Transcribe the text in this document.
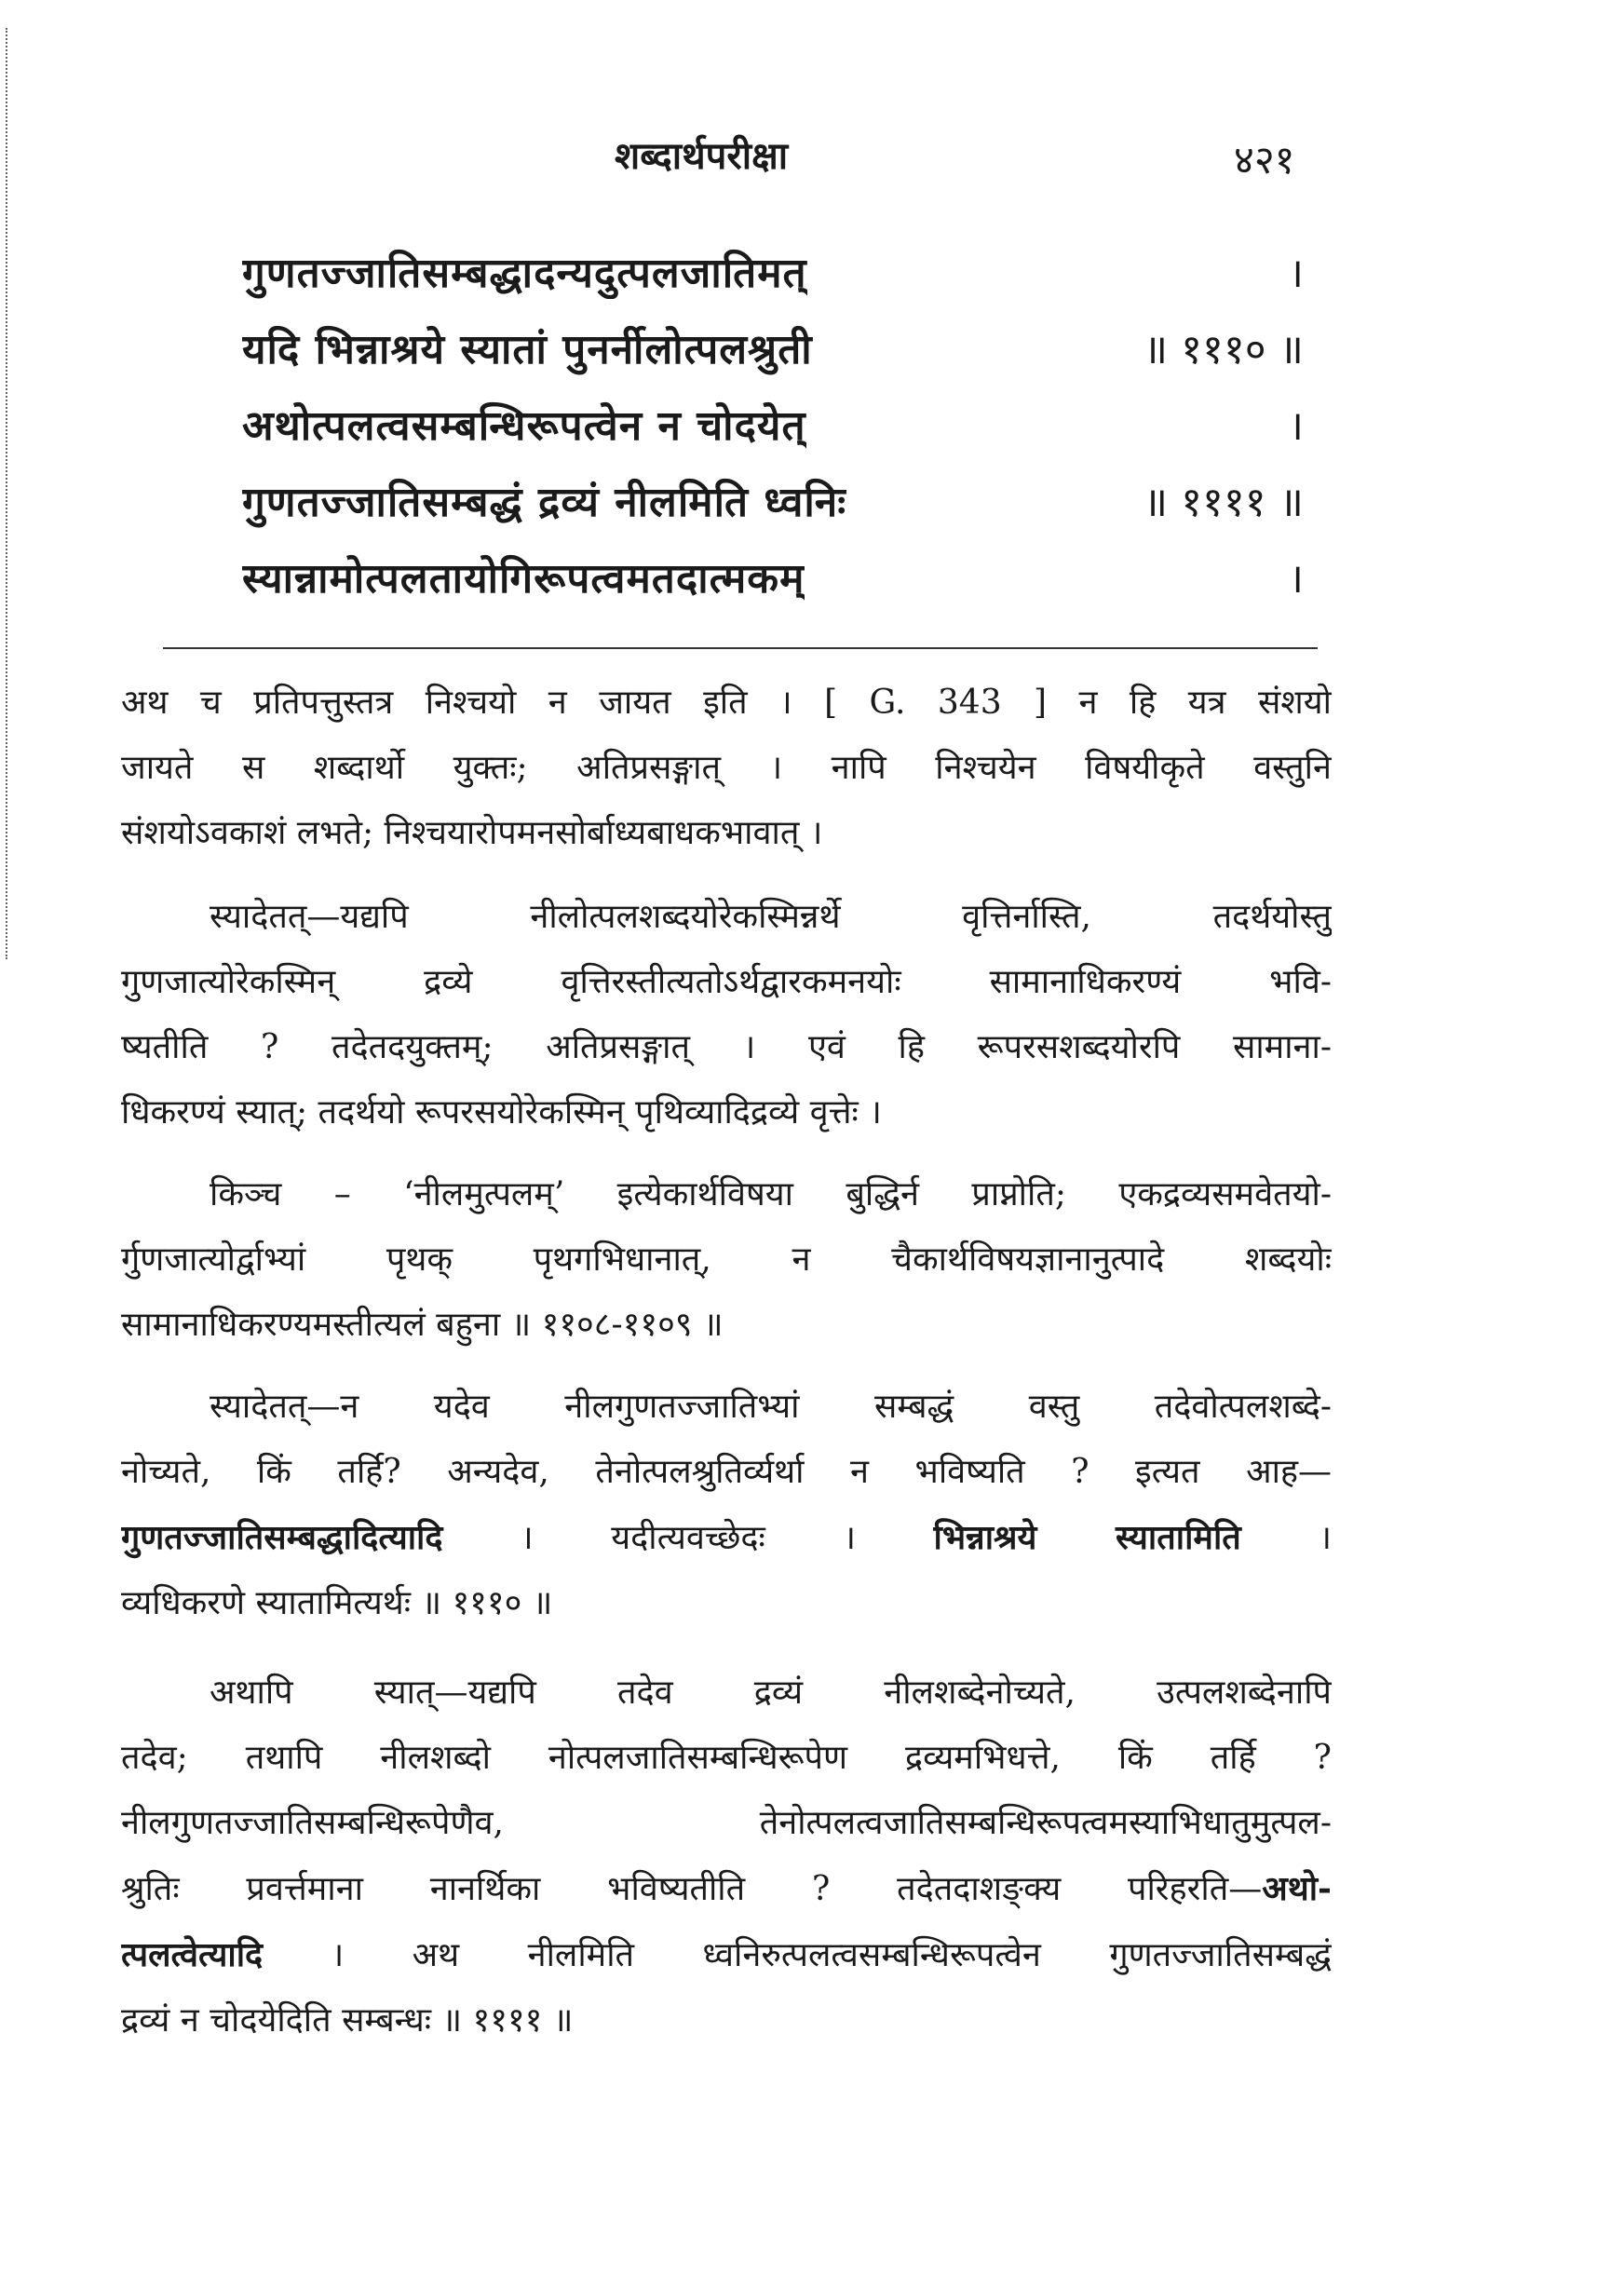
शब्दार्थपरीक्षा	४२१
गुणतज्जातिसम्बद्धादन्यदुत्पलजातिमत्	।
यदि भिन्नाश्रये स्यातां पुनर्नीलोत्पलश्रुती	॥ १११० ॥
अथोत्पलत्वसम्बन्धिरूपत्वेन न चोदयेत्	।
गुणतज्जातिसम्बद्धं द्रव्यं नीलमिति ध्वनिः	॥ ११११ ॥
स्यान्नामोत्पलतायोगिरूपत्वमतदात्मकम्	।
अथ च प्रतिपत्तुस्तत्र निश्चयो न जायत इति । [ G. 343 ] न हि यत्र संशयो
जायते स शब्दार्थो युक्तः; अतिप्रसङ्गात् । नापि निश्चयेन विषयीकृते वस्तुनि
संशयोऽवकाशं लभते; निश्चयारोपमनसोर्बाध्यबाधकभावात् ।
स्यादेतत्—यद्यपि नीलोत्पलशब्दयोरेकस्मिन्नर्थे वृत्तिर्नास्ति, तदर्थयोस्तु
गुणजात्योरेकस्मिन् द्रव्ये वृत्तिरस्तीत्यतोऽर्थद्वारकमनयोः सामानाधिकरण्यं भवि-
ष्यतीति ? तदेतदयुक्तम्; अतिप्रसङ्गात् । एवं हि रूपरसशब्दयोरपि सामाना-
धिकरण्यं स्यात्; तदर्थयो रूपरसयोरेकस्मिन् पृथिव्यादिद्रव्ये वृत्तेः ।
किञ्च – ‘नीलमुत्पलम्’ इत्येकार्थविषया बुद्धिर्न प्राप्नोति; एकद्रव्यसमवेतयो-
र्गुणजात्योर्द्वाभ्यां पृथक् पृथगभिधानात्, न चैकार्थविषयज्ञानानुत्पादे शब्दयोः
सामानाधिकरण्यमस्तीत्यलं बहुना ॥ ११०८-११०९ ॥
स्यादेतत्—न यदेव नीलगुणतज्जातिभ्यां सम्बद्धं वस्तु तदेवोत्पलशब्दे-
नोच्यते, किं तर्हि? अन्यदेव, तेनोत्पलश्रुतिर्व्यर्था न भविष्यति ? इत्यत आह—
गुणतज्जातिसम्बद्धादित्यादि । यदीत्यवच्छेदः । भिन्नाश्रये स्यातामिति ।
व्यधिकरणे स्यातामित्यर्थः ॥ १११० ॥
अथापि स्यात्—यद्यपि तदेव द्रव्यं नीलशब्देनोच्यते, उत्पलशब्देनापि
तदेव; तथापि नीलशब्दो नोत्पलजातिसम्बन्धिरूपेण द्रव्यमभिधत्ते, किं तर्हि ?
नीलगुणतज्जातिसम्बन्धिरूपेणैव, तेनोत्पलत्वजातिसम्बन्धिरूपत्वमस्याभिधातुमुत्पल-
श्रुतिः प्रवर्त्तमाना नानर्थिका भविष्यतीति ? तदेतदाशङ्क्य परिहरति—अथो-
त्पलत्वेत्यादि । अथ नीलमिति ध्वनिरुत्पलत्वसम्बन्धिरूपत्वेन गुणतज्जातिसम्बद्धं
द्रव्यं न चोदयेदिति सम्बन्धः ॥ ११११ ॥
